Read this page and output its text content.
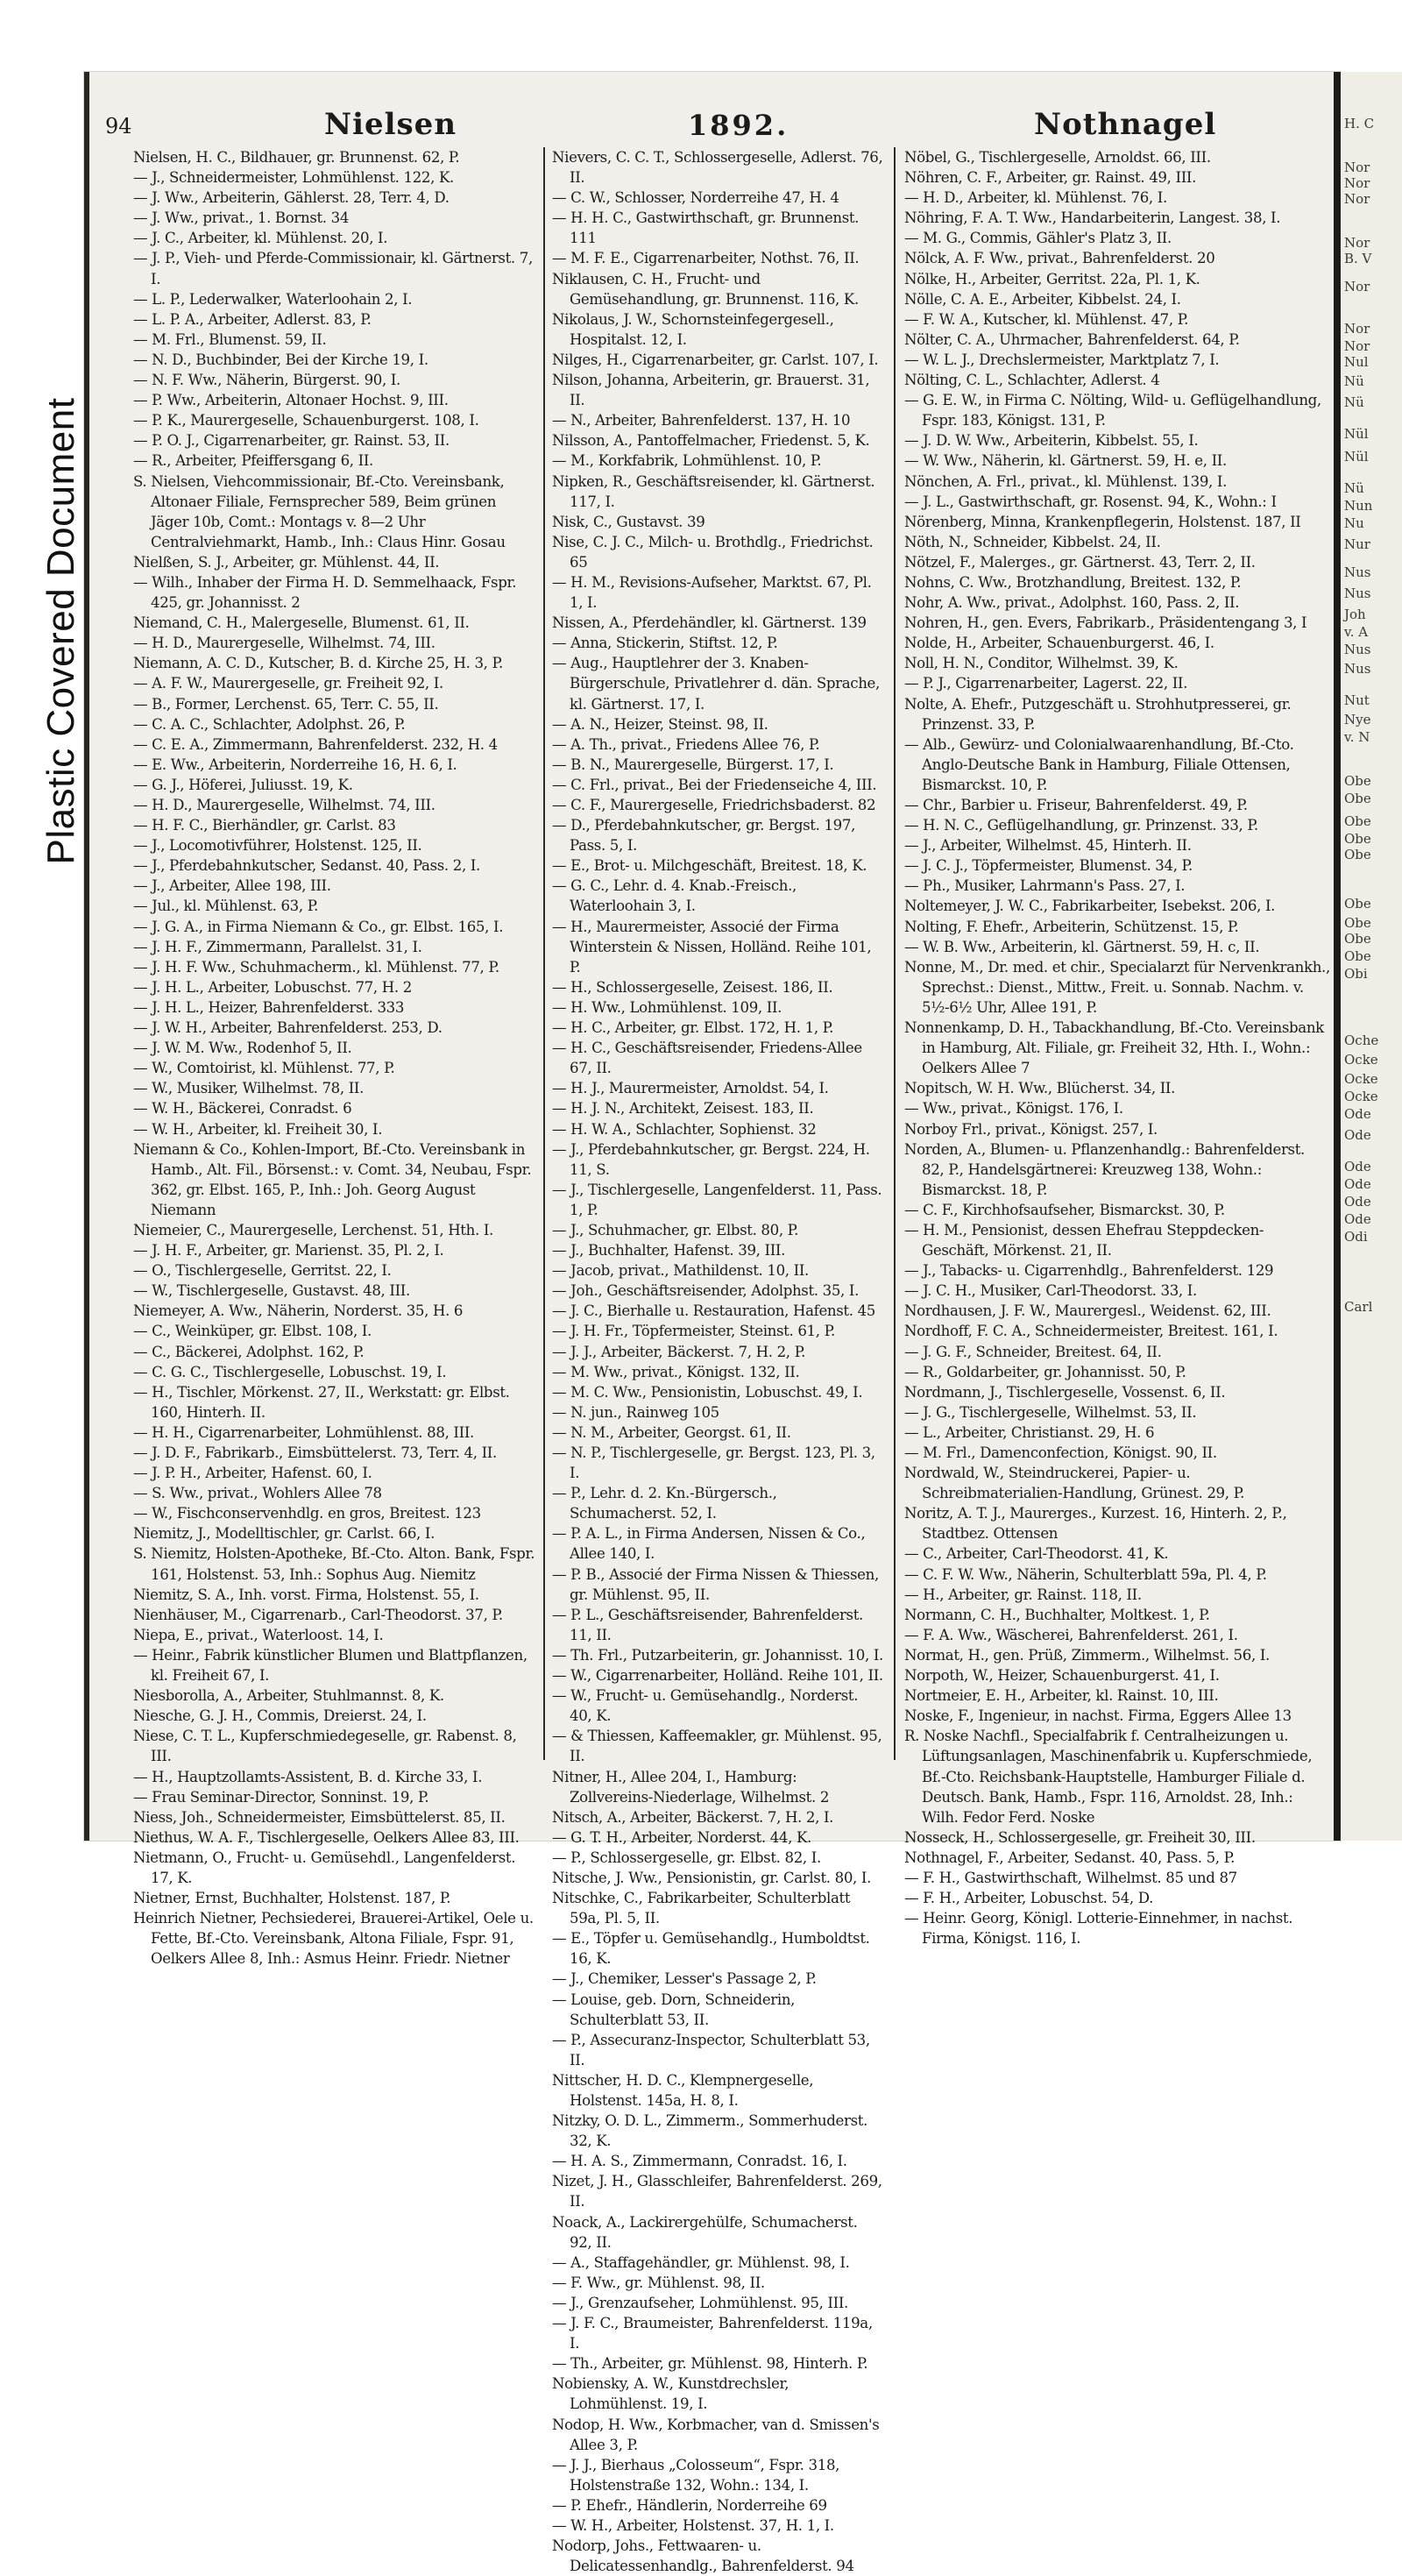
Plastic Covered Document
H. C
Nor
Nor
Nor
Nor
B. V
Nor
Nor
Nor
Nul
Nü
Nü
Nül
Nül
Nü
Nun
Nu
Nur
Nus
Nus
Joh
v. A
Nus
Nus
Nut
Nye
v. N
Obe
Obe
Obe
Obe
Obe
Obe
Obe
Obe
Obe
Obi
Oche
Ocke
Ocke
Ocke
Ode
Ode
Ode
Ode
Ode
Ode
Odi
Carl
94	Nielsen	1892.	Nothnagel

Nielsen, H. C., Bildhauer, gr. Brunnenst. 62, P.

— J., Schneidermeister, Lohmühlenst. 122, K.

— J. Ww., Arbeiterin, Gählerst. 28, Terr. 4, D.

— J. Ww., privat., 1. Bornst. 34

— J. C., Arbeiter, kl. Mühlenst. 20, I.

— J. P., Vieh- und Pferde-Commissionair, kl. Gärtnerst. 7, I.

— L. P., Lederwalker, Waterloohain 2, I.

— L. P. A., Arbeiter, Adlerst. 83, P.

— M. Frl., Blumenst. 59, II.

— N. D., Buchbinder, Bei der Kirche 19, I.

— N. F. Ww., Näherin, Bürgerst. 90, I.

— P. Ww., Arbeiterin, Altonaer Hochst. 9, III.

— P. K., Maurergeselle, Schauenburgerst. 108, I.

— P. O. J., Cigarrenarbeiter, gr. Rainst. 53, II.

— R., Arbeiter, Pfeiffersgang 6, II.

S. Nielsen, Viehcommissionair, Bf.-Cto. Vereinsbank, Altonaer Filiale, Fernsprecher 589, Beim grünen Jäger 10b, Comt.: Montags v. 8—2 Uhr Centralviehmarkt, Hamb., Inh.: Claus Hinr. Gosau

Nielßen, S. J., Arbeiter, gr. Mühlenst. 44, II.

— Wilh., Inhaber der Firma H. D. Semmelhaack, Fspr. 425, gr. Johannisst. 2

Niemand, C. H., Malergeselle, Blumenst. 61, II.

— H. D., Maurergeselle, Wilhelmst. 74, III.

Niemann, A. C. D., Kutscher, B. d. Kirche 25, H. 3, P.

— A. F. W., Maurergeselle, gr. Freiheit 92, I.

— B., Former, Lerchenst. 65, Terr. C. 55, II.

— C. A. C., Schlachter, Adolphst. 26, P.

— C. E. A., Zimmermann, Bahrenfelderst. 232, H. 4

— E. Ww., Arbeiterin, Norderreihe 16, H. 6, I.

— G. J., Höferei, Juliusst. 19, K.

— H. D., Maurergeselle, Wilhelmst. 74, III.

— H. F. C., Bierhändler, gr. Carlst. 83

— J., Locomotivführer, Holstenst. 125, II.

— J., Pferdebahnkutscher, Sedanst. 40, Pass. 2, I.

— J., Arbeiter, Allee 198, III.

— Jul., kl. Mühlenst. 63, P.

— J. G. A., in Firma Niemann & Co., gr. Elbst. 165, I.

— J. H. F., Zimmermann, Parallelst. 31, I.

— J. H. F. Ww., Schuhmacherm., kl. Mühlenst. 77, P.

— J. H. L., Arbeiter, Lobuschst. 77, H. 2

— J. H. L., Heizer, Bahrenfelderst. 333

— J. W. H., Arbeiter, Bahrenfelderst. 253, D.

— J. W. M. Ww., Rodenhof 5, II.

— W., Comtoirist, kl. Mühlenst. 77, P.

— W., Musiker, Wilhelmst. 78, II.

— W. H., Bäckerei, Conradst. 6

— W. H., Arbeiter, kl. Freiheit 30, I.

Niemann & Co., Kohlen-Import, Bf.-Cto. Vereinsbank in Hamb., Alt. Fil., Börsenst.: v. Comt. 34, Neubau, Fspr. 362, gr. Elbst. 165, P., Inh.: Joh. Georg August Niemann

Niemeier, C., Maurergeselle, Lerchenst. 51, Hth. I.

— J. H. F., Arbeiter, gr. Marienst. 35, Pl. 2, I.

— O., Tischlergeselle, Gerritst. 22, I.

— W., Tischlergeselle, Gustavst. 48, III.

Niemeyer, A. Ww., Näherin, Norderst. 35, H. 6

— C., Weinküper, gr. Elbst. 108, I.

— C., Bäckerei, Adolphst. 162, P.

— C. G. C., Tischlergeselle, Lobuschst. 19, I.

— H., Tischler, Mörkenst. 27, II., Werkstatt: gr. Elbst. 160, Hinterh. II.

— H. H., Cigarrenarbeiter, Lohmühlenst. 88, III.

— J. D. F., Fabrikarb., Eimsbüttelerst. 73, Terr. 4, II.

— J. P. H., Arbeiter, Hafenst. 60, I.

— S. Ww., privat., Wohlers Allee 78

— W., Fischconservenhdlg. en gros, Breitest. 123

Niemitz, J., Modelltischler, gr. Carlst. 66, I.

S. Niemitz, Holsten-Apotheke, Bf.-Cto. Alton. Bank, Fspr. 161, Holstenst. 53, Inh.: Sophus Aug. Niemitz

Niemitz, S. A., Inh. vorst. Firma, Holstenst. 55, I.

Nienhäuser, M., Cigarrenarb., Carl-Theodorst. 37, P.

Niepa, E., privat., Waterloost. 14, I.

— Heinr., Fabrik künstlicher Blumen und Blattpflanzen, kl. Freiheit 67, I.

Niesborolla, A., Arbeiter, Stuhlmannst. 8, K.

Niesche, G. J. H., Commis, Dreierst. 24, I.

Niese, C. T. L., Kupferschmiedegeselle, gr. Rabenst. 8, III.

— H., Hauptzollamts-Assistent, B. d. Kirche 33, I.

— Frau Seminar-Director, Sonninst. 19, P.

Niess, Joh., Schneidermeister, Eimsbüttelerst. 85, II.

Niethus, W. A. F., Tischlergeselle, Oelkers Allee 83, III.

Nietmann, O., Frucht- u. Gemüsehdl., Langenfelderst. 17, K.

Nietner, Ernst, Buchhalter, Holstenst. 187, P.

Heinrich Nietner, Pechsiederei, Brauerei-Artikel, Oele u. Fette, Bf.-Cto. Vereinsbank, Altona Filiale, Fspr. 91, Oelkers Allee 8, Inh.: Asmus Heinr. Friedr. Nietner

Nievers, C. C. T., Schlossergeselle, Adlerst. 76, II.

— C. W., Schlosser, Norderreihe 47, H. 4

— H. H. C., Gastwirthschaft, gr. Brunnenst. 111

— M. F. E., Cigarrenarbeiter, Nothst. 76, II.

Niklausen, C. H., Frucht- und Gemüsehandlung, gr. Brunnenst. 116, K.

Nikolaus, J. W., Schornsteinfegergesell., Hospitalst. 12, I.

Nilges, H., Cigarrenarbeiter, gr. Carlst. 107, I.

Nilson, Johanna, Arbeiterin, gr. Brauerst. 31, II.

— N., Arbeiter, Bahrenfelderst. 137, H. 10

Nilsson, A., Pantoffelmacher, Friedenst. 5, K.

— M., Korkfabrik, Lohmühlenst. 10, P.

Nipken, R., Geschäftsreisender, kl. Gärtnerst. 117, I.

Nisk, C., Gustavst. 39

Nise, C. J. C., Milch- u. Brothdlg., Friedrichst. 65

— H. M., Revisions-Aufseher, Marktst. 67, Pl. 1, I.

Nissen, A., Pferdehändler, kl. Gärtnerst. 139

— Anna, Stickerin, Stiftst. 12, P.

— Aug., Hauptlehrer der 3. Knaben-Bürgerschule, Privatlehrer d. dän. Sprache, kl. Gärtnerst. 17, I.

— A. N., Heizer, Steinst. 98, II.

— A. Th., privat., Friedens Allee 76, P.

— B. N., Maurergeselle, Bürgerst. 17, I.

— C. Frl., privat., Bei der Friedenseiche 4, III.

— C. F., Maurergeselle, Friedrichsbaderst. 82

— D., Pferdebahnkutscher, gr. Bergst. 197, Pass. 5, I.

— E., Brot- u. Milchgeschäft, Breitest. 18, K.

— G. C., Lehr. d. 4. Knab.-Freisch., Waterloohain 3, I.

— H., Maurermeister, Associé der Firma Winterstein & Nissen, Holländ. Reihe 101, P.

— H., Schlossergeselle, Zeisest. 186, II.

— H. Ww., Lohmühlenst. 109, II.

— H. C., Arbeiter, gr. Elbst. 172, H. 1, P.

— H. C., Geschäftsreisender, Friedens-Allee 67, II.

— H. J., Maurermeister, Arnoldst. 54, I.

— H. J. N., Architekt, Zeisest. 183, II.

— H. W. A., Schlachter, Sophienst. 32

— J., Pferdebahnkutscher, gr. Bergst. 224, H. 11, S.

— J., Tischlergeselle, Langenfelderst. 11, Pass. 1, P.

— J., Schuhmacher, gr. Elbst. 80, P.

— J., Buchhalter, Hafenst. 39, III.

— Jacob, privat., Mathildenst. 10, II.

— Joh., Geschäftsreisender, Adolphst. 35, I.

— J. C., Bierhalle u. Restauration, Hafenst. 45

— J. H. Fr., Töpfermeister, Steinst. 61, P.

— J. J., Arbeiter, Bäckerst. 7, H. 2, P.

— M. Ww., privat., Königst. 132, II.

— M. C. Ww., Pensionistin, Lobuschst. 49, I.

— N. jun., Rainweg 105

— N. M., Arbeiter, Georgst. 61, II.

— N. P., Tischlergeselle, gr. Bergst. 123, Pl. 3, I.

— P., Lehr. d. 2. Kn.-Bürgersch., Schumacherst. 52, I.

— P. A. L., in Firma Andersen, Nissen & Co., Allee 140, I.

— P. B., Associé der Firma Nissen & Thiessen, gr. Mühlenst. 95, II.

— P. L., Geschäftsreisender, Bahrenfelderst. 11, II.

— Th. Frl., Putzarbeiterin, gr. Johannisst. 10, I.

— W., Cigarrenarbeiter, Holländ. Reihe 101, II.

— W., Frucht- u. Gemüsehandlg., Norderst. 40, K.

— & Thiessen, Kaffeemakler, gr. Mühlenst. 95, II.

Nitner, H., Allee 204, I., Hamburg: Zollvereins-Niederlage, Wilhelmst. 2

Nitsch, A., Arbeiter, Bäckerst. 7, H. 2, I.

— G. T. H., Arbeiter, Norderst. 44, K.

— P., Schlossergeselle, gr. Elbst. 82, I.

Nitsche, J. Ww., Pensionistin, gr. Carlst. 80, I.

Nitschke, C., Fabrikarbeiter, Schulterblatt 59a, Pl. 5, II.

— E., Töpfer u. Gemüsehandlg., Humboldtst. 16, K.

— J., Chemiker, Lesser's Passage 2, P.

— Louise, geb. Dorn, Schneiderin, Schulterblatt 53, II.

— P., Assecuranz-Inspector, Schulterblatt 53, II.

Nittscher, H. D. C., Klempnergeselle, Holstenst. 145a, H. 8, I.

Nitzky, O. D. L., Zimmerm., Sommerhuderst. 32, K.

— H. A. S., Zimmermann, Conradst. 16, I.

Nizet, J. H., Glasschleifer, Bahrenfelderst. 269, II.

Noack, A., Lackirergehülfe, Schumacherst. 92, II.

— A., Staffagehändler, gr. Mühlenst. 98, I.

— F. Ww., gr. Mühlenst. 98, II.

— J., Grenzaufseher, Lohmühlenst. 95, III.

— J. F. C., Braumeister, Bahrenfelderst. 119a, I.

— Th., Arbeiter, gr. Mühlenst. 98, Hinterh. P.

Nobiensky, A. W., Kunstdrechsler, Lohmühlenst. 19, I.

Nodop, H. Ww., Korbmacher, van d. Smissen's Allee 3, P.

— J. J., Bierhaus „Colosseum“, Fspr. 318, Holstenstraße 132, Wohn.: 134, I.

— P. Ehefr., Händlerin, Norderreihe 69

— W. H., Arbeiter, Holstenst. 37, H. 1, I.

Nodorp, Johs., Fettwaaren- u. Delicatessenhandlg., Bahrenfelderst. 94

Nöbel, G., Tischlergeselle, Arnoldst. 66, III.

Nöhren, C. F., Arbeiter, gr. Rainst. 49, III.

— H. D., Arbeiter, kl. Mühlenst. 76, I.

Nöhring, F. A. T. Ww., Handarbeiterin, Langest. 38, I.

— M. G., Commis, Gähler's Platz 3, II.

Nölck, A. F. Ww., privat., Bahrenfelderst. 20

Nölke, H., Arbeiter, Gerritst. 22a, Pl. 1, K.

Nölle, C. A. E., Arbeiter, Kibbelst. 24, I.

— F. W. A., Kutscher, kl. Mühlenst. 47, P.

Nölter, C. A., Uhrmacher, Bahrenfelderst. 64, P.

— W. L. J., Drechslermeister, Marktplatz 7, I.

Nölting, C. L., Schlachter, Adlerst. 4

— G. E. W., in Firma C. Nölting, Wild- u. Geflügelhandlung, Fspr. 183, Königst. 131, P.

— J. D. W. Ww., Arbeiterin, Kibbelst. 55, I.

— W. Ww., Näherin, kl. Gärtnerst. 59, H. e, II.

Nönchen, A. Frl., privat., kl. Mühlenst. 139, I.

— J. L., Gastwirthschaft, gr. Rosenst. 94, K., Wohn.: I

Nörenberg, Minna, Krankenpflegerin, Holstenst. 187, II

Nöth, N., Schneider, Kibbelst. 24, II.

Nötzel, F., Malerges., gr. Gärtnerst. 43, Terr. 2, II.

Nohns, C. Ww., Brotzhandlung, Breitest. 132, P.

Nohr, A. Ww., privat., Adolphst. 160, Pass. 2, II.

Nohren, H., gen. Evers, Fabrikarb., Präsidentengang 3, I

Nolde, H., Arbeiter, Schauenburgerst. 46, I.

Noll, H. N., Conditor, Wilhelmst. 39, K.

— P. J., Cigarrenarbeiter, Lagerst. 22, II.

Nolte, A. Ehefr., Putzgeschäft u. Strohhutpresserei, gr. Prinzenst. 33, P.

— Alb., Gewürz- und Colonialwaarenhandlung, Bf.-Cto. Anglo-Deutsche Bank in Hamburg, Filiale Ottensen, Bismarckst. 10, P.

— Chr., Barbier u. Friseur, Bahrenfelderst. 49, P.

— H. N. C., Geflügelhandlung, gr. Prinzenst. 33, P.

— J., Arbeiter, Wilhelmst. 45, Hinterh. II.

— J. C. J., Töpfermeister, Blumenst. 34, P.

— Ph., Musiker, Lahrmann's Pass. 27, I.

Noltemeyer, J. W. C., Fabrikarbeiter, Isebekst. 206, I.

Nolting, F. Ehefr., Arbeiterin, Schützenst. 15, P.

— W. B. Ww., Arbeiterin, kl. Gärtnerst. 59, H. c, II.

Nonne, M., Dr. med. et chir., Specialarzt für Nervenkrankh., Sprechst.: Dienst., Mittw., Freit. u. Sonnab. Nachm. v. 5½-6½ Uhr, Allee 191, P.

Nonnenkamp, D. H., Tabackhandlung, Bf.-Cto. Vereinsbank in Hamburg, Alt. Filiale, gr. Freiheit 32, Hth. I., Wohn.: Oelkers Allee 7

Nopitsch, W. H. Ww., Blücherst. 34, II.

— Ww., privat., Königst. 176, I.

Norboy Frl., privat., Königst. 257, I.

Norden, A., Blumen- u. Pflanzenhandlg.: Bahrenfelderst. 82, P., Handelsgärtnerei: Kreuzweg 138, Wohn.: Bismarckst. 18, P.

— C. F., Kirchhofsaufseher, Bismarckst. 30, P.

— H. M., Pensionist, dessen Ehefrau Steppdecken-Geschäft, Mörkenst. 21, II.

— J., Tabacks- u. Cigarrenhdlg., Bahrenfelderst. 129

— J. C. H., Musiker, Carl-Theodorst. 33, I.

Nordhausen, J. F. W., Maurergesl., Weidenst. 62, III.

Nordhoff, F. C. A., Schneidermeister, Breitest. 161, I.

— J. G. F., Schneider, Breitest. 64, II.

— R., Goldarbeiter, gr. Johannisst. 50, P.

Nordmann, J., Tischlergeselle, Vossenst. 6, II.

— J. G., Tischlergeselle, Wilhelmst. 53, II.

— L., Arbeiter, Christianst. 29, H. 6

— M. Frl., Damenconfection, Königst. 90, II.

Nordwald, W., Steindruckerei, Papier- u. Schreibmaterialien-Handlung, Grünest. 29, P.

Noritz, A. T. J., Maurerges., Kurzest. 16, Hinterh. 2, P., Stadtbez. Ottensen

— C., Arbeiter, Carl-Theodorst. 41, K.

— C. F. W. Ww., Näherin, Schulterblatt 59a, Pl. 4, P.

— H., Arbeiter, gr. Rainst. 118, II.

Normann, C. H., Buchhalter, Moltkest. 1, P.

— F. A. Ww., Wäscherei, Bahrenfelderst. 261, I.

Normat, H., gen. Prüß, Zimmerm., Wilhelmst. 56, I.

Norpoth, W., Heizer, Schauenburgerst. 41, I.

Nortmeier, E. H., Arbeiter, kl. Rainst. 10, III.

Noske, F., Ingenieur, in nachst. Firma, Eggers Allee 13

R. Noske Nachfl., Specialfabrik f. Centralheizungen u. Lüftungsanlagen, Maschinenfabrik u. Kupferschmiede, Bf.-Cto. Reichsbank-Hauptstelle, Hamburger Filiale d. Deutsch. Bank, Hamb., Fspr. 116, Arnoldst. 28, Inh.: Wilh. Fedor Ferd. Noske

Nosseck, H., Schlossergeselle, gr. Freiheit 30, III.

Nothnagel, F., Arbeiter, Sedanst. 40, Pass. 5, P.

— F. H., Gastwirthschaft, Wilhelmst. 85 und 87

— F. H., Arbeiter, Lobuschst. 54, D.

— Heinr. Georg, Königl. Lotterie-Einnehmer, in nachst. Firma, Königst. 116, I.
